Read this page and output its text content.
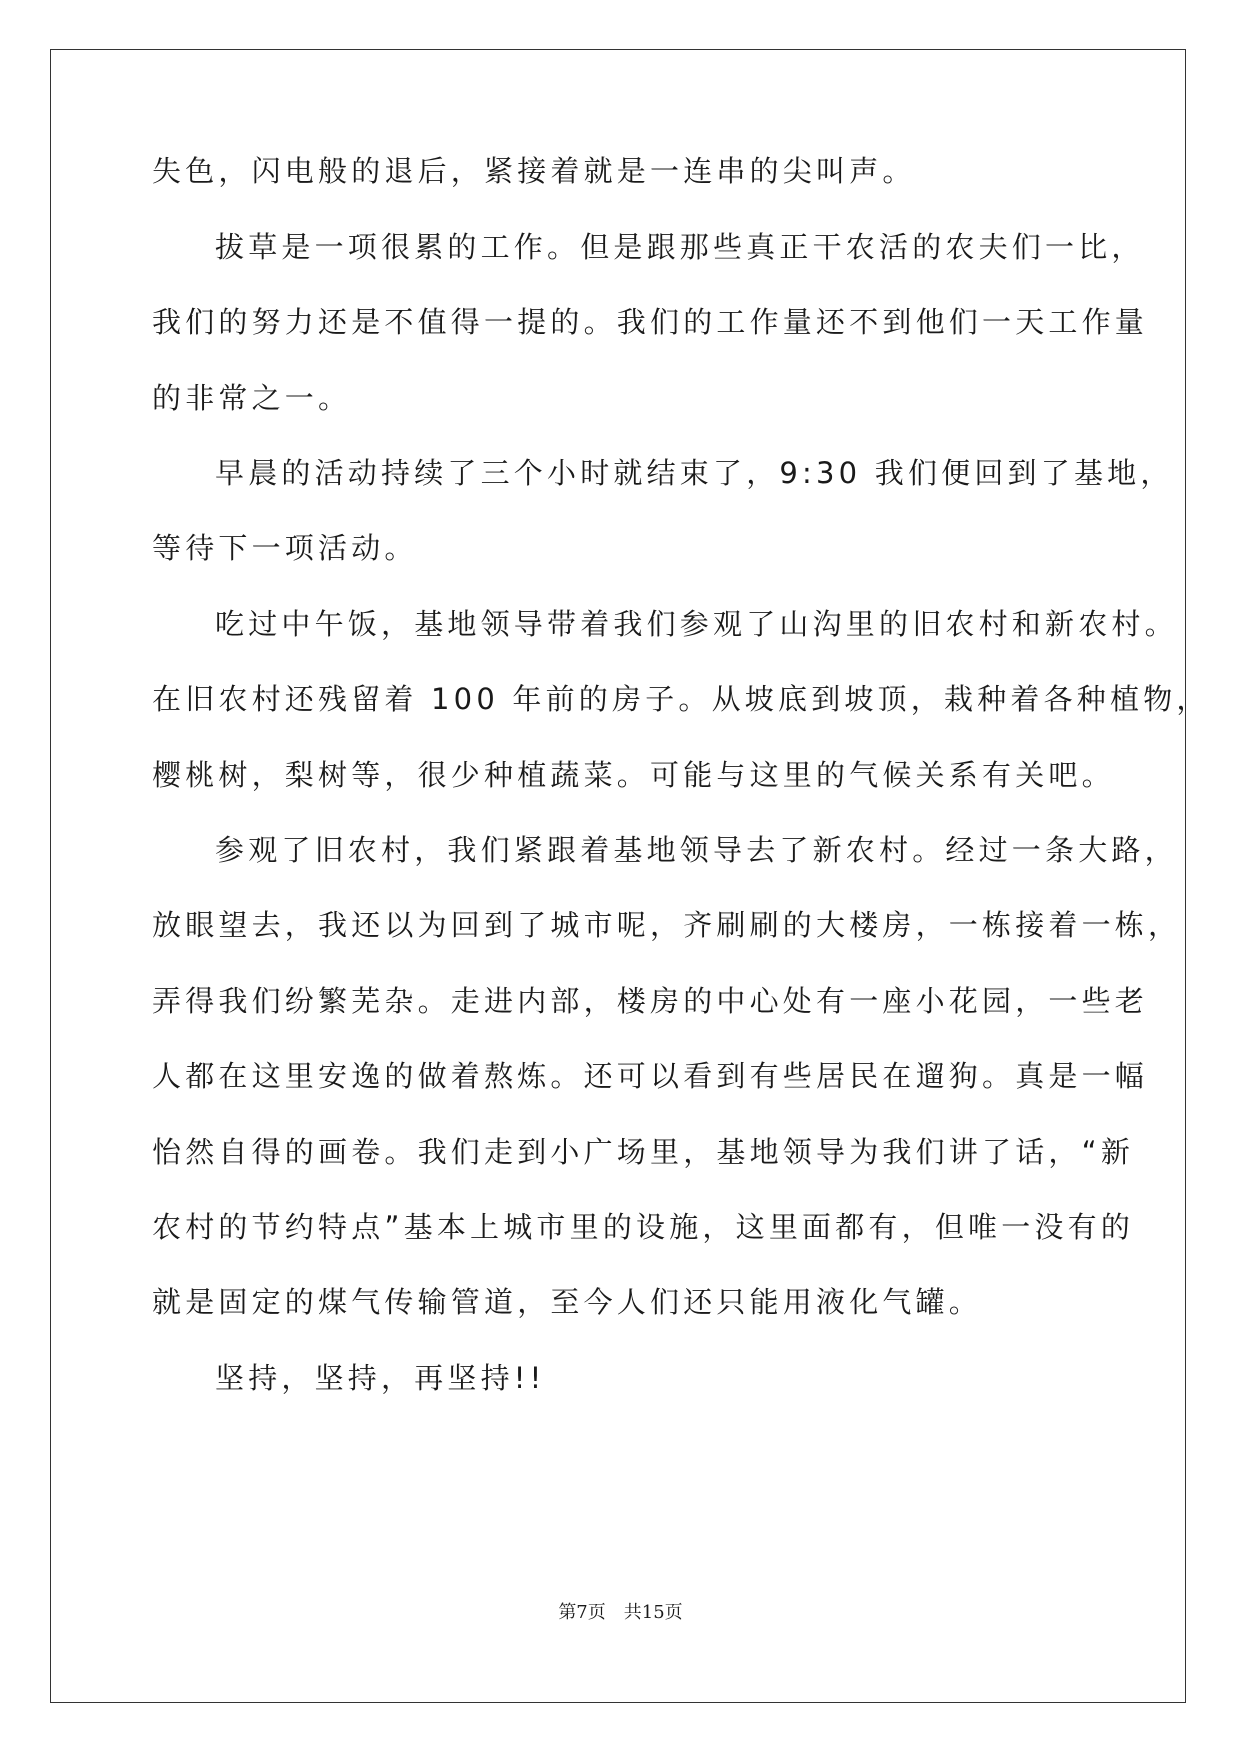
失色，闪电般的退后，紧接着就是一连串的尖叫声。
拔草是一项很累的工作。但是跟那些真正干农活的农夫们一比，
我们的努力还是不值得一提的。我们的工作量还不到他们一天工作量
的非常之一。
早晨的活动持续了三个小时就结束了，9:30 我们便回到了基地，
等待下一项活动。
吃过中午饭，基地领导带着我们参观了山沟里的旧农村和新农村。
在旧农村还残留着 100 年前的房子。从坡底到坡顶，栽种着各种植物，
樱桃树，梨树等，很少种植蔬菜。可能与这里的气候关系有关吧。
参观了旧农村，我们紧跟着基地领导去了新农村。经过一条大路，
放眼望去，我还以为回到了城市呢，齐刷刷的大楼房，一栋接着一栋，
弄得我们纷繁芜杂。走进内部，楼房的中心处有一座小花园，一些老
人都在这里安逸的做着熬炼。还可以看到有些居民在遛狗。真是一幅
怡然自得的画卷。我们走到小广场里，基地领导为我们讲了话，“新
农村的节约特点”基本上城市里的设施，这里面都有，但唯一没有的
就是固定的煤气传输管道，至今人们还只能用液化气罐。
坚持，坚持，再坚持!!
第7页　共15页
